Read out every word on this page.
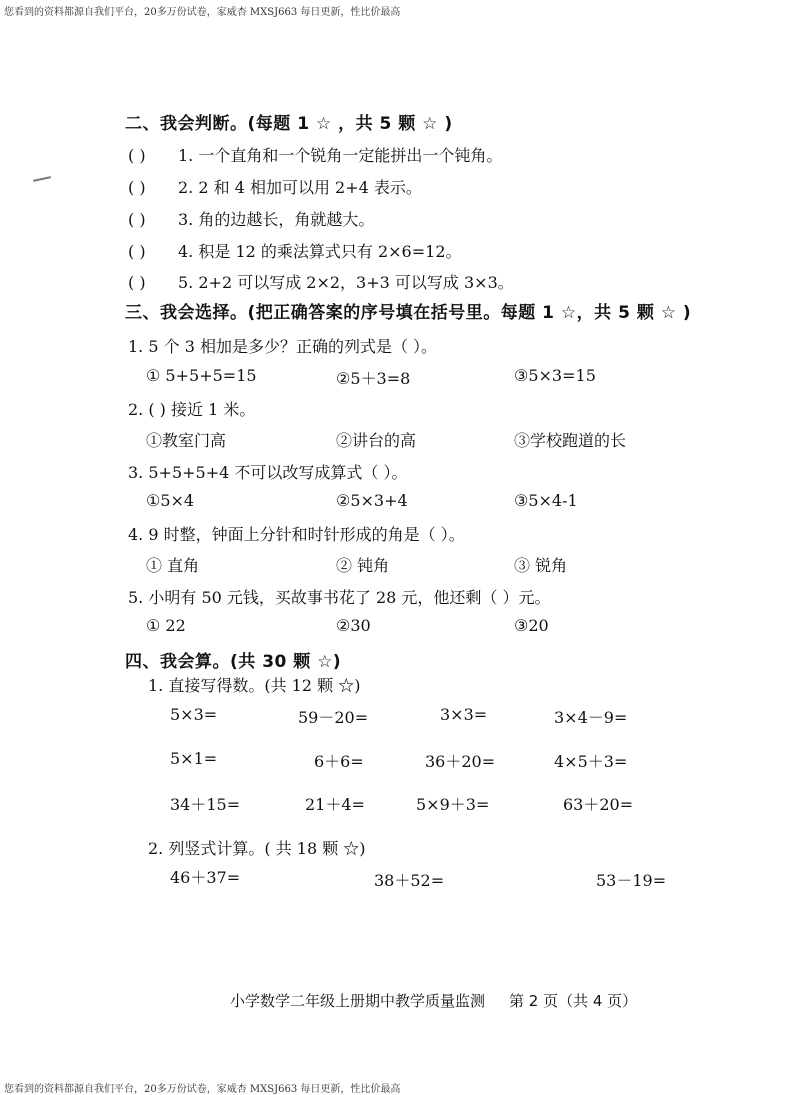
您看到的资料都源自我们平台，20多万份试卷，家威杏 MXSJ663 每日更新，性比价最高
二、我会判断。(每题 1 ☆ ，共 5 颗 ☆ )
( ) 1. 一个直角和一个锐角一定能拼出一个钝角。
( ) 2. 2 和 4 相加可以用 2+4 表示。
( ) 3. 角的边越长，角就越大。
( ) 4. 积是 12 的乘法算式只有 2×6=12。
( ) 5. 2+2 可以写成 2×2，3+3 可以写成 3×3。
三、我会选择。(把正确答案的序号填在括号里。每题 1 ☆，共 5 颗 ☆ )
1. 5 个 3 相加是多少？正确的列式是（ ）。
① 5+5+5=15	②5＋3=8	③5×3=15
2. ( ) 接近 1 米。
①教室门高	②讲台的高	③学校跑道的长
3. 5+5+5+4 不可以改写成算式（ ）。
①5×4	②5×3+4	③5×4-1
4. 9 时整，钟面上分针和时针形成的角是（ ）。
① 直角	② 钝角	③ 锐角
5. 小明有 50 元钱，买故事书花了 28 元，他还剩（ ）元。
① 22	②30	③20
四、我会算。(共 30 颗 ☆)
1. 直接写得数。(共 12 颗 ☆)
5×3=	59－20=	3×3=	3×4－9=
5×1=	6＋6=	36＋20=	4×5＋3=
34＋15=	21＋4=	5×9＋3=	63＋20=
2. 列竖式计算。( 共 18 颗 ☆)
46＋37=	38＋52=	53－19=
小学数学二年级上册期中教学质量监测 第 2 页（共 4 页）
您看到的资料都源自我们平台，20多万份试卷，家威杏 MXSJ663 每日更新，性比价最高
